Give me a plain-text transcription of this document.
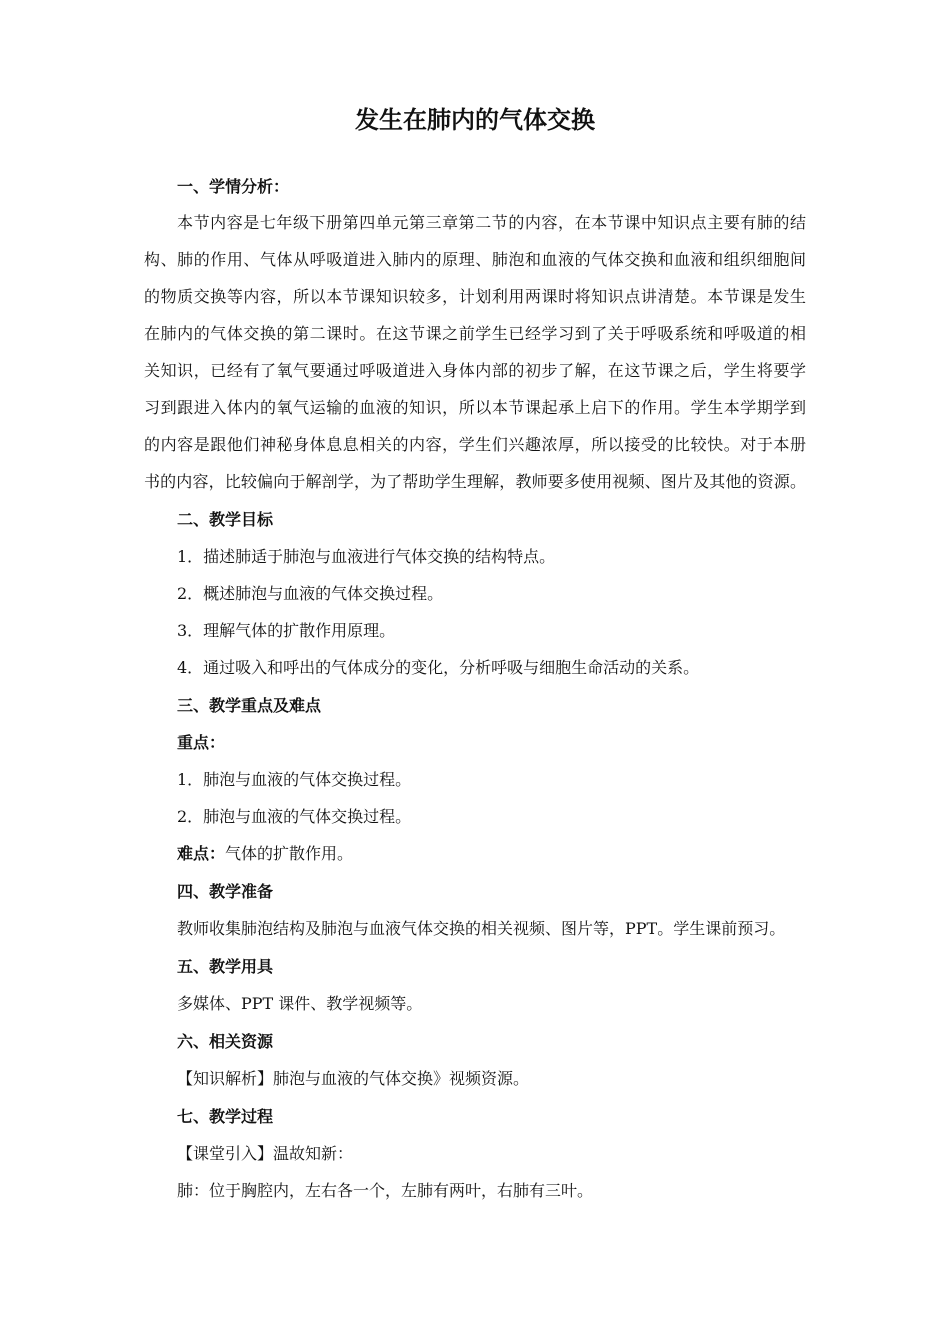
发生在肺内的气体交换
一、学情分析：
本节内容是七年级下册第四单元第三章第二节的内容，在本节课中知识点主要有肺的结
构、肺的作用、气体从呼吸道进入肺内的原理、肺泡和血液的气体交换和血液和组织细胞间
的物质交换等内容，所以本节课知识较多，计划利用两课时将知识点讲清楚。本节课是发生
在肺内的气体交换的第二课时。在这节课之前学生已经学习到了关于呼吸系统和呼吸道的相
关知识，已经有了氧气要通过呼吸道进入身体内部的初步了解，在这节课之后，学生将要学
习到跟进入体内的氧气运输的血液的知识，所以本节课起承上启下的作用。学生本学期学到
的内容是跟他们神秘身体息息相关的内容，学生们兴趣浓厚，所以接受的比较快。对于本册
书的内容，比较偏向于解剖学，为了帮助学生理解，教师要多使用视频、图片及其他的资源。
二、教学目标
1．描述肺适于肺泡与血液进行气体交换的结构特点。
2．概述肺泡与血液的气体交换过程。
3．理解气体的扩散作用原理。
4．通过吸入和呼出的气体成分的变化，分析呼吸与细胞生命活动的关系。
三、教学重点及难点
重点：
1．肺泡与血液的气体交换过程。
2．肺泡与血液的气体交换过程。
难点：气体的扩散作用。
四、教学准备
教师收集肺泡结构及肺泡与血液气体交换的相关视频、图片等，PPT。学生课前预习。
五、教学用具
多媒体、PPT 课件、教学视频等。
六、相关资源
【知识解析】肺泡与血液的气体交换》视频资源。
七、教学过程
【课堂引入】温故知新：
肺：位于胸腔内，左右各一个，左肺有两叶，右肺有三叶。
